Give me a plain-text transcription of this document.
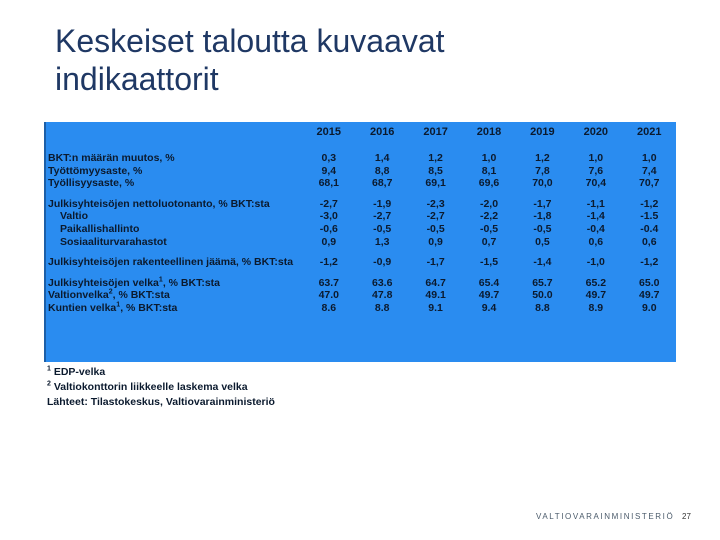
Keskeiset taloutta kuvaavat
indikaattorit
	2015	2016	2017	2018	2019	2020	2021

BKT:n määrän muutos, %	0,3	1,4	1,2	1,0	1,2	1,0	1,0
Työttömyysaste, %	9,4	8,8	8,5	8,1	7,8	7,6	7,4
Työllisyysaste, %	68,1	68,7	69,1	69,6	70,0	70,4	70,7

Julkisyhteisöjen nettoluotonanto, % BKT:sta	-2,7	-1,9	-2,3	-2,0	-1,7	-1,1	-1,2
Valtio	-3,0	-2,7	-2,7	-2,2	-1,8	-1,4	-1.5
Paikallishallinto	-0,6	-0,5	-0,5	-0,5	-0,5	-0,4	-0.4
Sosiaaliturvarahastot	0,9	1,3	0,9	0,7	0,5	0,6	0,6

Julkisyhteisöjen rakenteellinen jäämä, % BKT:sta	-1,2	-0,9	-1,7	-1,5	-1,4	-1,0	-1,2

Julkisyhteisöjen velka$^1$, % BKT:sta	63.7	63.6	64.7	65.4	65.7	65.2	65.0
Valtionvelka$^2$, % BKT:sta	47.0	47.8	49.1	49.7	50.0	49.7	49.7
Kuntien velka$^1$, % BKT:sta	8.6	8.8	9.1	9.4	8.8	8.9	9.0
$^1$ EDP-velka
$^2$ Valtiokonttorin liikkeelle laskema velka
Lähteet: Tilastokeskus, Valtiovarainministeriö
VALTIOVARAINMINISTERIÖ 27
